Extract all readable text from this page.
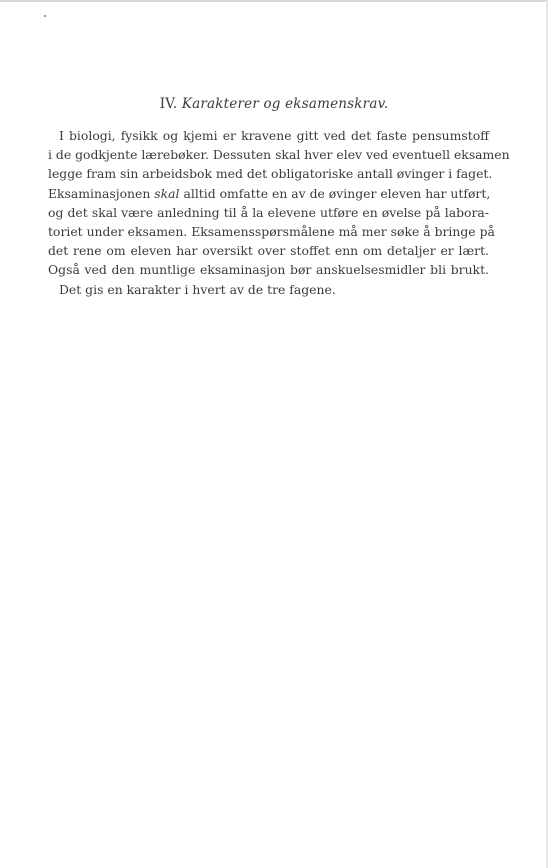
IV. Karakterer og eksamenskrav.
I biologi, fysikk og kjemi er kravene gitt ved det faste pensumstoff
i de godkjente lærebøker. Dessuten skal hver elev ved eventuell eksamen
legge fram sin arbeidsbok med det obligatoriske antall øvinger i faget.
Eksaminasjonen skal alltid omfatte en av de øvinger eleven har utført,
og det skal være anledning til å la elevene utføre en øvelse på labora-
toriet under eksamen. Eksamensspørsmålene må mer søke å bringe på
det rene om eleven har oversikt over stoffet enn om detaljer er lært.
Også ved den muntlige eksaminasjon bør anskuelsesmidler bli brukt.
Det gis en karakter i hvert av de tre fagene.
